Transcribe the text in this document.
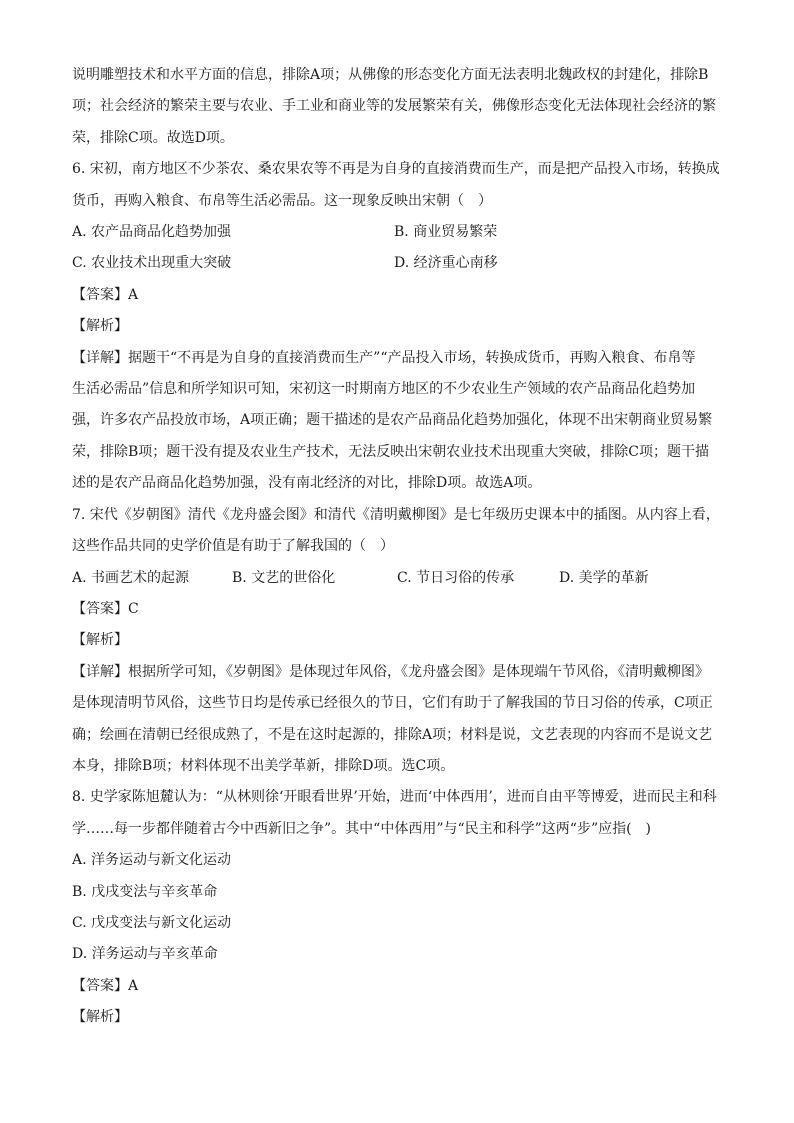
说明雕塑技术和水平方面的信息，排除A项；从佛像的形态变化方面无法表明北魏政权的封建化，排除B

项；社会经济的繁荣主要与农业、手工业和商业等的发展繁荣有关，佛像形态变化无法体现社会经济的繁

荣，排除C项。故选D项。

6. 宋初，南方地区不少茶农、桑农果农等不再是为自身的直接消费而生产，而是把产品投入市场，转换成

货币，再购入粮食、布帛等生活必需品。这一现象反映出宋朝（　）

A. 农产品商品化趋势加强	B. 商业贸易繁荣
C. 农业技术出现重大突破	D. 经济重心南移

【答案】A

【解析】

【详解】据题干“不再是为自身的直接消费而生产”“产品投入市场，转换成货币，再购入粮食、布帛等

生活必需品”信息和所学知识可知，宋初这一时期南方地区的不少农业生产领域的农产品商品化趋势加

强，许多农产品投放市场，A项正确；题干描述的是农产品商品化趋势加强化，体现不出宋朝商业贸易繁

荣，排除B项；题干没有提及农业生产技术，无法反映出宋朝农业技术出现重大突破，排除C项；题干描

述的是农产品商品化趋势加强，没有南北经济的对比，排除D项。故选A项。

7. 宋代《岁朝图》清代《龙舟盛会图》和清代《清明戴柳图》是七年级历史课本中的插图。从内容上看，

这些作品共同的史学价值是有助于了解我国的（　）

A. 书画艺术的起源	B. 文艺的世俗化	C. 节日习俗的传承	D. 美学的革新

【答案】C

【解析】

【详解】根据所学可知，《岁朝图》是体现过年风俗，《龙舟盛会图》是体现端午节风俗，《清明戴柳图》

是体现清明节风俗，这些节日均是传承已经很久的节日，它们有助于了解我国的节日习俗的传承，C项正

确；绘画在清朝已经很成熟了，不是在这时起源的，排除A项；材料是说，文艺表现的内容而不是说文艺

本身，排除B项；材料体现不出美学革新，排除D项。选C项。

8. 史学家陈旭麓认为：“从林则徐‘开眼看世界’开始，进而‘中体西用’，进而自由平等博爱，进而民主和科

学……每一步都伴随着古今中西新旧之争”。其中“中体西用”与“民主和科学”这两“步”应指(　)

A. 洋务运动与新文化运动

B. 戊戌变法与辛亥革命

C. 戊戌变法与新文化运动

D. 洋务运动与辛亥革命

【答案】A

【解析】
